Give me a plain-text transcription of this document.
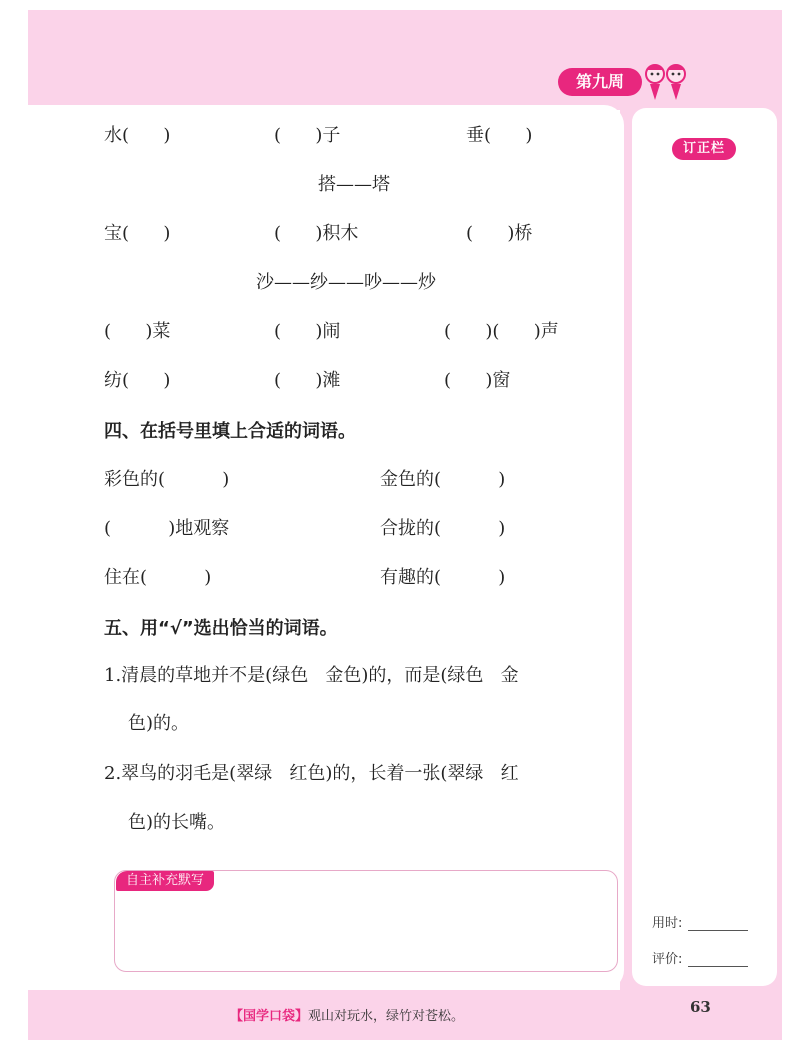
第九周
订正栏
水(      )	(      )子	垂(      )
搭——塔
宝(      )	(      )积木	(      )桥
沙——纱——吵——炒
(      )菜	(      )闹	(      )(      )声
纺(      )	(      )滩	(      )窗
四、在括号里填上合适的词语。
彩色的(          )	金色的(          )
(          )地观察	合拢的(          )
住在(          )	有趣的(          )
五、用“√”选出恰当的词语。
1.清晨的草地并不是(绿色   金色)的，而是(绿色   金
色)的。
2.翠鸟的羽毛是(翠绿   红色)的，长着一张(翠绿   红
色)的长嘴。
自主补充默写
用时:
评价:
63
【国学口袋】观山对玩水，绿竹对苍松。
